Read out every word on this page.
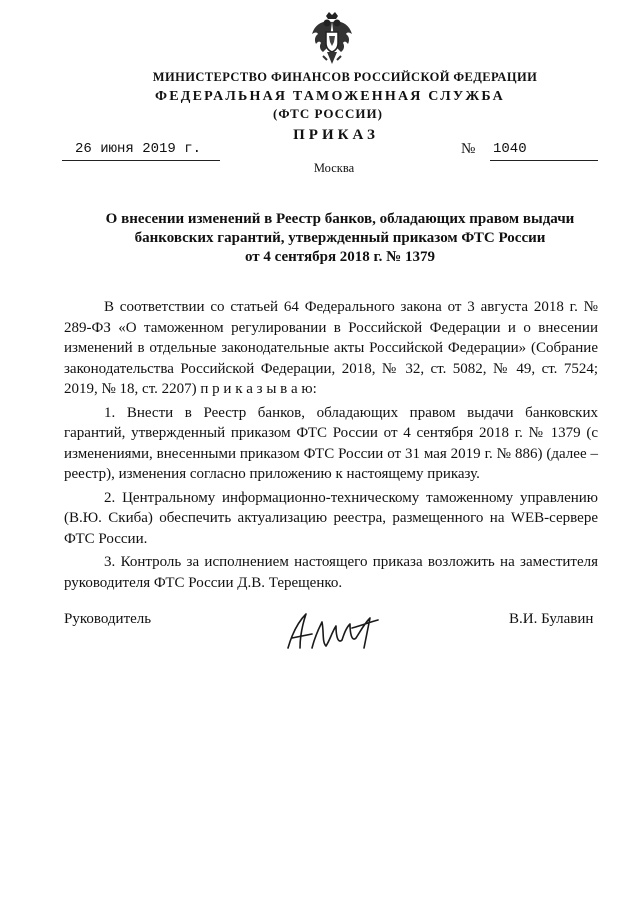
МИНИСТЕРСТВО ФИНАНСОВ РОССИЙСКОЙ ФЕДЕРАЦИИ
ФЕДЕРАЛЬНАЯ ТАМОЖЕННАЯ СЛУЖБА
(ФТС РОССИИ)
ПРИКАЗ
26 июня 2019 г.	№ 1040
Москва
О внесении изменений в Реестр банков, обладающих правом выдачи
банковских гарантий, утвержденный приказом ФТС России
от 4 сентября 2018 г. № 1379

В соответствии со статьей 64 Федерального закона от 3 августа 2018 г. № 289-ФЗ «О таможенном регулировании в Российской Федерации и о внесении изменений в отдельные законодательные акты Российской Федерации» (Собрание законодательства Российской Федерации, 2018, № 32, ст. 5082, № 49, ст. 7524; 2019, № 18, ст. 2207) п р и к а з ы в а ю:

1. Внести в Реестр банков, обладающих правом выдачи банковских гарантий, утвержденный приказом ФТС России от 4 сентября 2018 г. № 1379 (с изменениями, внесенными приказом ФТС России от 31 мая 2019 г. № 886) (далее – реестр), изменения согласно приложению к настоящему приказу.

2. Центральному информационно-техническому таможенному управлению (В.Ю. Скиба) обеспечить актуализацию реестра, размещенного на WEB-сервере ФТС России.

3. Контроль за исполнением настоящего приказа возложить на заместителя руководителя ФТС России Д.В. Терещенко.

Руководитель	В.И. Булавин
